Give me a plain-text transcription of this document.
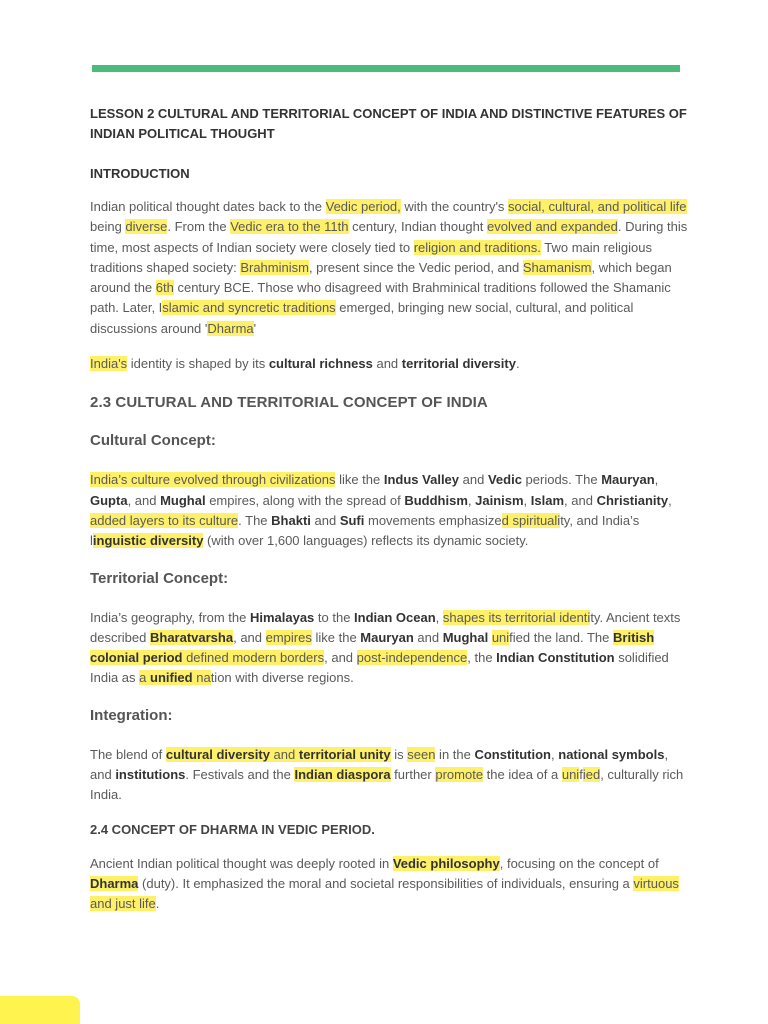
LESSON 2 CULTURAL AND TERRITORIAL CONCEPT OF INDIA AND DISTINCTIVE FEATURES OF INDIAN POLITICAL THOUGHT
INTRODUCTION

Indian political thought dates back to the Vedic period, with the country's social, cultural, and political life being diverse. From the Vedic era to the 11th century, Indian thought evolved and expanded. During this time, most aspects of Indian society were closely tied to religion and traditions. Two main religious traditions shaped society: Brahminism, present since the Vedic period, and Shamanism, which began around the 6th century BCE. Those who disagreed with Brahminical traditions followed the Shamanic path. Later, Islamic and syncretic traditions emerged, bringing new social, cultural, and political discussions around 'Dharma'

India's identity is shaped by its cultural richness and territorial diversity.

2.3 CULTURAL AND TERRITORIAL CONCEPT OF INDIA
Cultural Concept:

India’s culture evolved through civilizations like the Indus Valley and Vedic periods. The Mauryan, Gupta, and Mughal empires, along with the spread of Buddhism, Jainism, Islam, and Christianity, added layers to its culture. The Bhakti and Sufi movements emphasized spirituality, and India’s linguistic diversity (with over 1,600 languages) reflects its dynamic society.

Territorial Concept:

India’s geography, from the Himalayas to the Indian Ocean, shapes its territorial identity. Ancient texts described Bharatvarsha, and empires like the Mauryan and Mughal unified the land. The British colonial period defined modern borders, and post-independence, the Indian Constitution solidified India as a unified nation with diverse regions.

Integration:

The blend of cultural diversity and territorial unity is seen in the Constitution, national symbols, and institutions. Festivals and the Indian diaspora further promote the idea of a unified, culturally rich India.

2.4 CONCEPT OF DHARMA IN VEDIC PERIOD.

Ancient Indian political thought was deeply rooted in Vedic philosophy, focusing on the concept of Dharma (duty). It emphasized the moral and societal responsibilities of individuals, ensuring a virtuous and just life.
